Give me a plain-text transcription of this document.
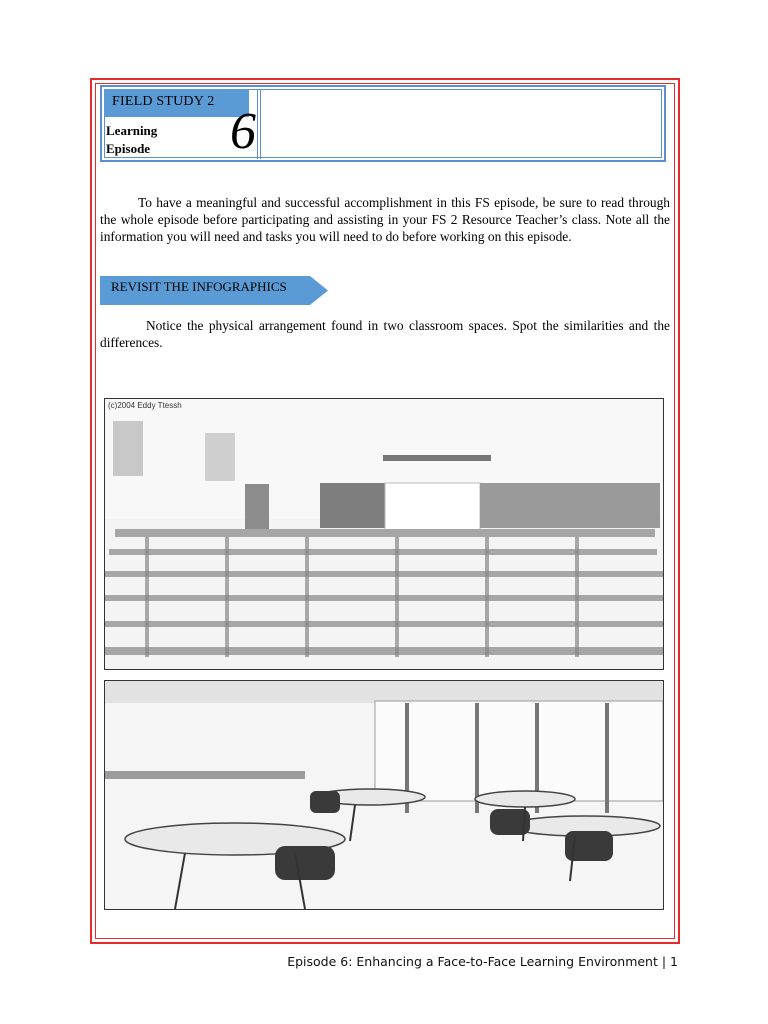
FIELD STUDY 2
Learning Episode	6

To have a meaningful and successful accomplishment in this FS episode, be sure to read through the whole episode before participating and assisting in your FS 2 Resource Teacher’s class. Note all the information you will need and tasks you will need to do before working on this episode.

REVISIT THE INFOGRAPHICS

Notice the physical arrangement found in two classroom spaces. Spot the similarities and the differences.

(c)2004 Eddy Ttessh
Episode 6: Enhancing a Face-to-Face Learning Environment | 1
